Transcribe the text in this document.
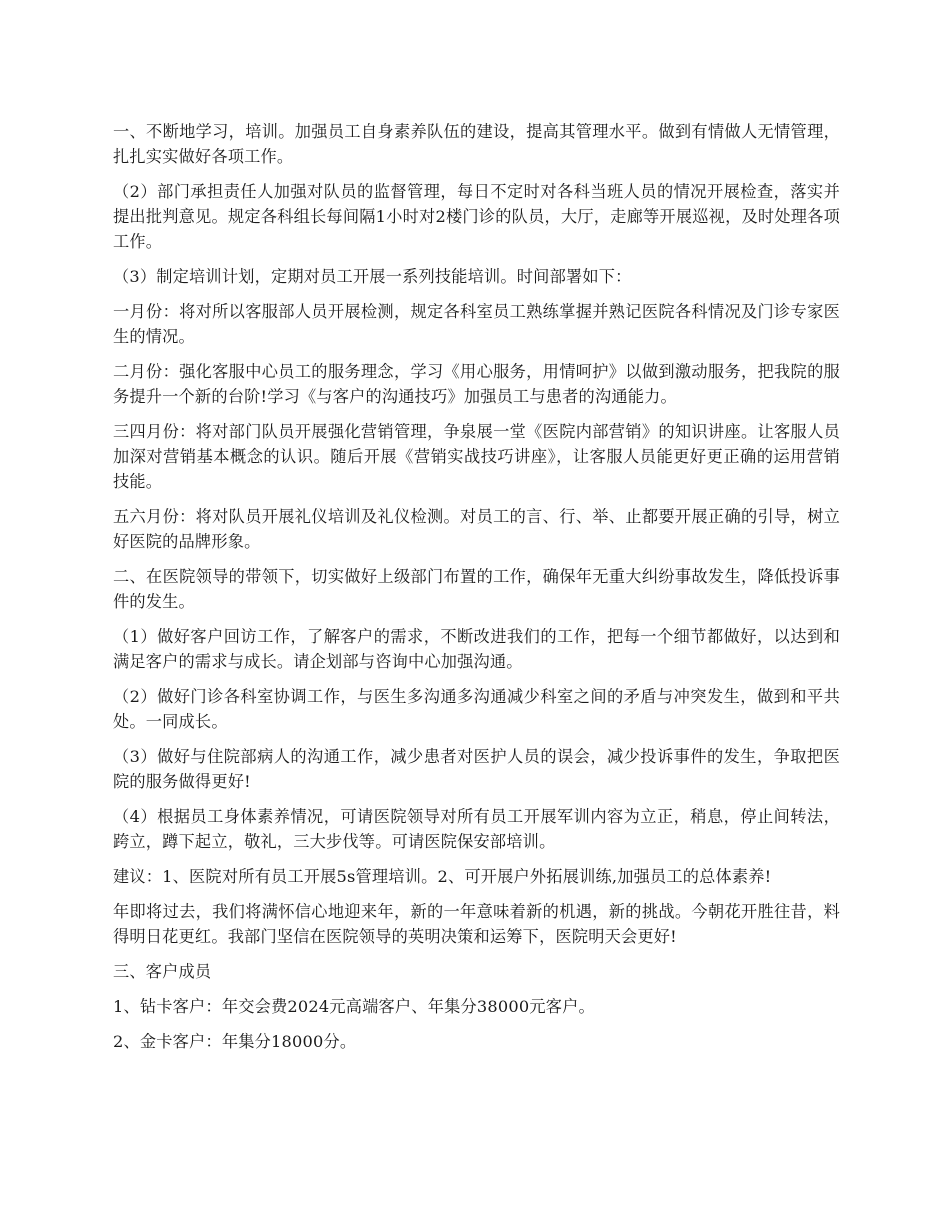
一、不断地学习，培训。加强员工自身素养队伍的建设，提高其管理水平。做到有情做人无情管理，扎扎实实做好各项工作。

（2）部门承担责任人加强对队员的监督管理，每日不定时对各科当班人员的情况开展检查，落实并提出批判意见。规定各科组长每间隔1小时对2楼门诊的队员，大厅，走廊等开展巡视，及时处理各项工作。

（3）制定培训计划，定期对员工开展一系列技能培训。时间部署如下：

一月份：将对所以客服部人员开展检测，规定各科室员工熟练掌握并熟记医院各科情况及门诊专家医生的情况。

二月份：强化客服中心员工的服务理念，学习《用心服务，用情呵护》以做到激动服务，把我院的服务提升一个新的台阶!学习《与客户的沟通技巧》加强员工与患者的沟通能力。

三四月份：将对部门队员开展强化营销管理，争泉展一堂《医院内部营销》的知识讲座。让客服人员加深对营销基本概念的认识。随后开展《营销实战技巧讲座》，让客服人员能更好更正确的运用营销技能。

五六月份：将对队员开展礼仪培训及礼仪检测。对员工的言、行、举、止都要开展正确的引导，树立好医院的品牌形象。

二、在医院领导的带领下，切实做好上级部门布置的工作，确保年无重大纠纷事故发生，降低投诉事件的发生。

（1）做好客户回访工作，了解客户的需求，不断改进我们的工作，把每一个细节都做好，以达到和满足客户的需求与成长。请企划部与咨询中心加强沟通。

（2）做好门诊各科室协调工作，与医生多沟通多沟通减少科室之间的矛盾与冲突发生，做到和平共处。一同成长。

（3）做好与住院部病人的沟通工作，减少患者对医护人员的误会，减少投诉事件的发生，争取把医院的服务做得更好!

（4）根据员工身体素养情况，可请医院领导对所有员工开展军训内容为立正，稍息，停止间转法，跨立，蹲下起立，敬礼，三大步伐等。可请医院保安部培训。

建议：1、医院对所有员工开展5s管理培训。2、可开展户外拓展训练,加强员工的总体素养!

年即将过去，我们将满怀信心地迎来年，新的一年意味着新的机遇，新的挑战。今朝花开胜往昔，料得明日花更红。我部门坚信在医院领导的英明决策和运筹下，医院明天会更好!

三、客户成员

1、钻卡客户：年交会费2024元高端客户、年集分38000元客户。

2、金卡客户：年集分18000分。
